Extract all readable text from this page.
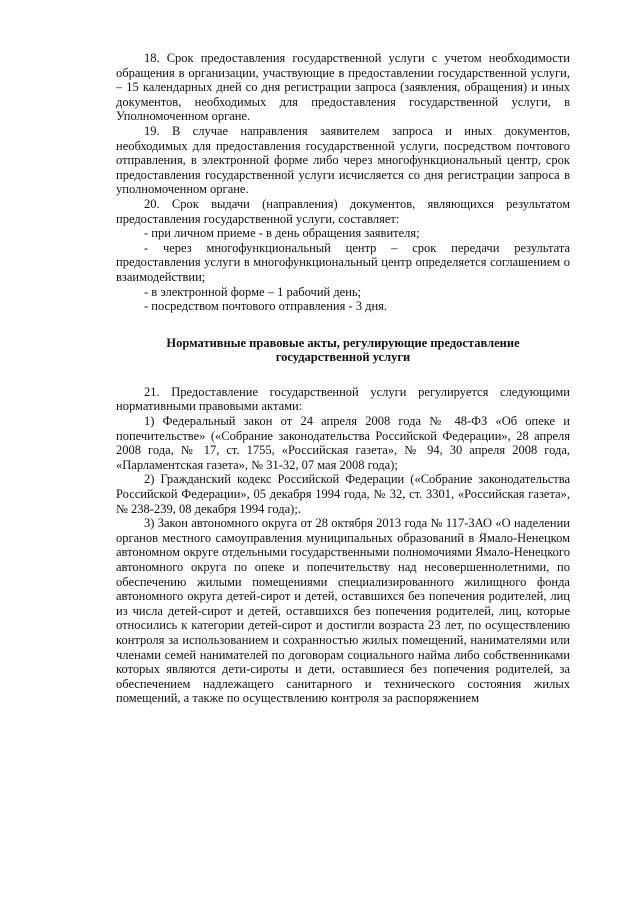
18. Срок предоставления государственной услуги с учетом необходимости обращения в организации, участвующие в предоставлении государственной услуги, – 15 календарных дней со дня регистрации запроса (заявления, обращения) и иных документов, необходимых для предоставления государственной услуги, в Уполномоченном органе.

19. В случае направления заявителем запроса и иных документов, необходимых для предоставления государственной услуги, посредством почтового отправления, в электронной форме либо через многофункциональный центр, срок предоставления государственной услуги исчисляется со дня регистрации запроса в уполномоченном органе.

20. Срок выдачи (направления) документов, являющихся результатом предоставления государственной услуги, составляет:

- при личном приеме - в день обращения заявителя;

- через многофункциональный центр – срок передачи результата предоставления услуги в многофункциональный центр определяется соглашением о взаимодействии;

- в электронной форме – 1 рабочий день;

- посредством почтового отправления - 3 дня.

Нормативные правовые акты, регулирующие предоставление государственной услуги

21. Предоставление государственной услуги регулируется следующими нормативными правовыми актами:

1) Федеральный закон от 24 апреля 2008 года № 48-ФЗ «Об опеке и попечительстве» («Собрание законодательства Российской Федерации», 28 апреля 2008 года, № 17, ст. 1755, «Российская газета», № 94, 30 апреля 2008 года, «Парламентская газета», № 31-32, 07 мая 2008 года);

2) Гражданский кодекс Российской Федерации («Собрание законодательства Российской Федерации», 05 декабря 1994 года, № 32, ст. 3301, «Российская газета», № 238-239, 08 декабря 1994 года);.

3) Закон автономного округа от 28 октября 2013 года № 117-ЗАО «О наделении органов местного самоуправления муниципальных образований в Ямало-Ненецком автономном округе отдельными государственными полномочиями Ямало-Ненецкого автономного округа по опеке и попечительству над несовершеннолетними, по обеспечению жилыми помещениями специализированного жилищного фонда автономного округа детей-сирот и детей, оставшихся без попечения родителей, лиц из числа детей-сирот и детей, оставшихся без попечения родителей, лиц, которые относились к категории детей-сирот и достигли возраста 23 лет, по осуществлению контроля за использованием и сохранностью жилых помещений, нанимателями или членами семей нанимателей по договорам социального найма либо собственниками которых являются дети-сироты и дети, оставшиеся без попечения родителей, за обеспечением надлежащего санитарного и технического состояния жилых помещений, а также по осуществлению контроля за распоряжением
